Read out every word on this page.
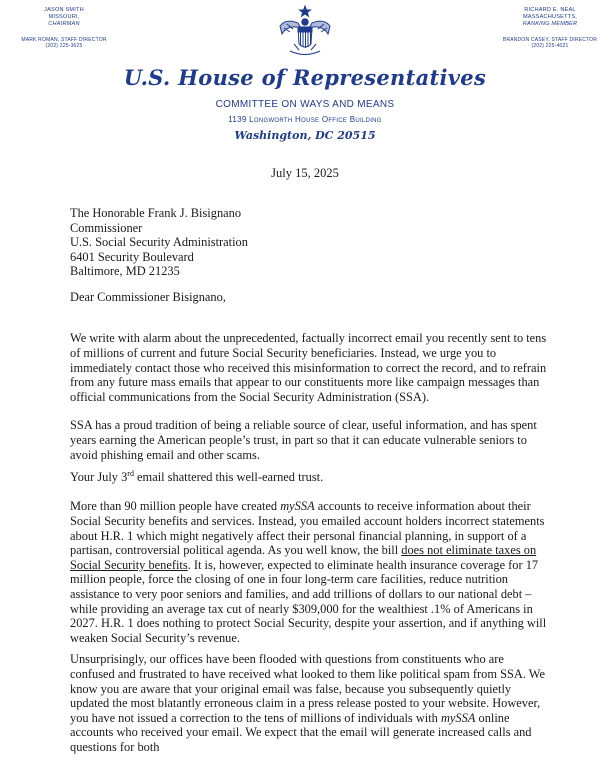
JASON SMITH
MISSOURI,
CHAIRMAN
MARK ROMAN, STAFF DIRECTOR
(202) 225-3625
RICHARD E. NEAL
MASSACHUSETTS,
RANKING MEMBER
BRANDON CASEY, STAFF DIRECTOR
(202) 225-4021
U.S. House of Representatives
COMMITTEE ON WAYS AND MEANS
1139 Longworth House Office Building
Washington, DC 20515
July 15, 2025
The Honorable Frank J. Bisignano
Commissioner
U.S. Social Security Administration
6401 Security Boulevard
Baltimore, MD 21235
Dear Commissioner Bisignano,

We write with alarm about the unprecedented, factually incorrect email you recently sent to tens of millions of current and future Social Security beneficiaries. Instead, we urge you to immediately contact those who received this misinformation to correct the record, and to refrain from any future mass emails that appear to our constituents more like campaign messages than official communications from the Social Security Administration (SSA).

SSA has a proud tradition of being a reliable source of clear, useful information, and has spent years earning the American people’s trust, in part so that it can educate vulnerable seniors to avoid phishing email and other scams.

Your July 3rd email shattered this well-earned trust.

More than 90 million people have created mySSA accounts to receive information about their Social Security benefits and services. Instead, you emailed account holders incorrect statements about H.R. 1 which might negatively affect their personal financial planning, in support of a partisan, controversial political agenda. As you well know, the bill does not eliminate taxes on Social Security benefits. It is, however, expected to eliminate health insurance coverage for 17 million people, force the closing of one in four long-term care facilities, reduce nutrition assistance to very poor seniors and families, and add trillions of dollars to our national debt – while providing an average tax cut of nearly $309,000 for the wealthiest .1% of Americans in 2027. H.R. 1 does nothing to protect Social Security, despite your assertion, and if anything will weaken Social Security’s revenue.

Unsurprisingly, our offices have been flooded with questions from constituents who are confused and frustrated to have received what looked to them like political spam from SSA. We know you are aware that your original email was false, because you subsequently quietly updated the most blatantly erroneous claim in a press release posted to your website. However, you have not issued a correction to the tens of millions of individuals with mySSA online accounts who received your email. We expect that the email will generate increased calls and questions for both
